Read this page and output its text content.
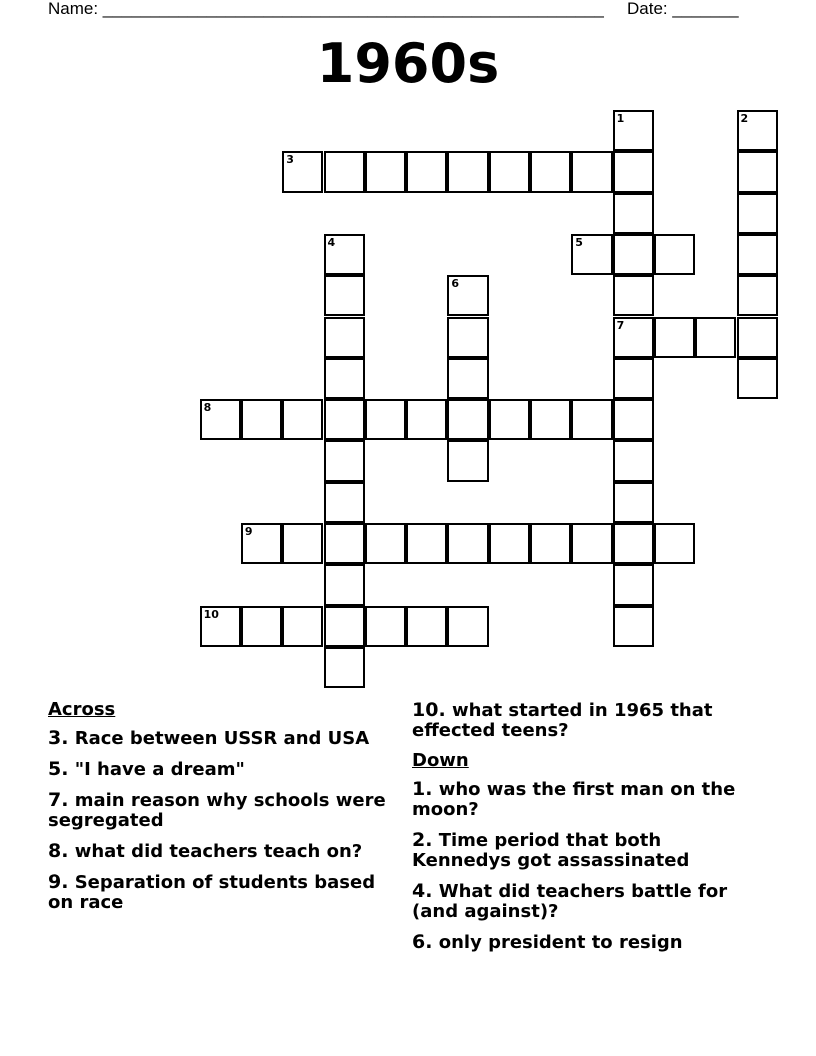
Name: _____________________________________________________ Date: _______
1960s
1
7
2
3
5
4
6
8
9
10
Across
3. Race between USSR and USA
5. "I have a dream"
7. main reason why schools were segregated
8. what did teachers teach on?
9. Separation of students based on race
10. what started in 1965 that effected teens?
Down
1. who was the first man on the moon?
2. Time period that both Kennedys got assassinated
4. What did teachers battle for (and against)?
6. only president to resign
